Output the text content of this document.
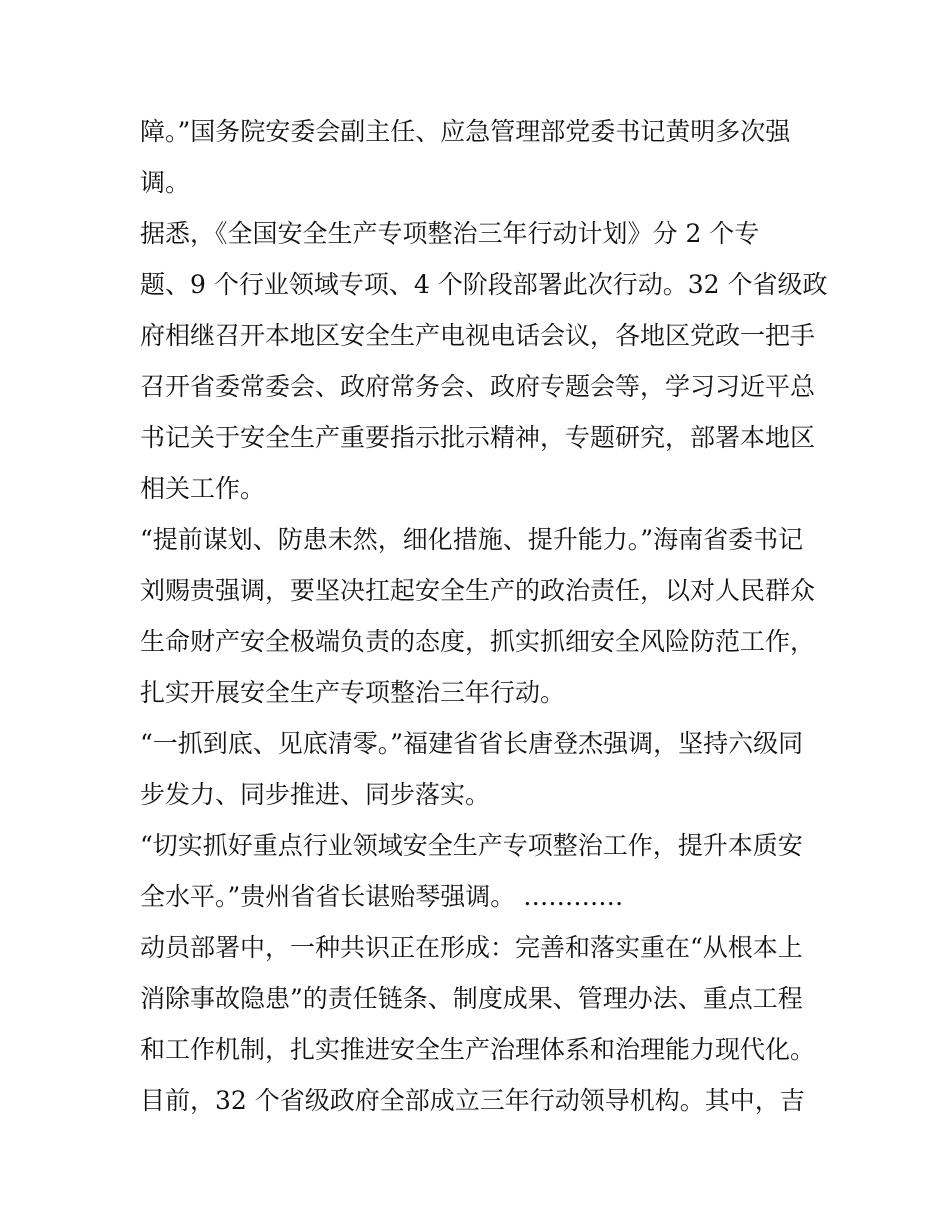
障。”国务院安委会副主任、应急管理部党委书记黄明多次强
调。
据悉，《全国安全生产专项整治三年行动计划》分 2 个专
题、9 个行业领域专项、4 个阶段部署此次行动。32 个省级政
府相继召开本地区安全生产电视电话会议，各地区党政一把手
召开省委常委会、政府常务会、政府专题会等，学习习近平总
书记关于安全生产重要指示批示精神，专题研究，部署本地区
相关工作。
“提前谋划、防患未然，细化措施、提升能力。”海南省委书记
刘赐贵强调，要坚决扛起安全生产的政治责任，以对人民群众
生命财产安全极端负责的态度，抓实抓细安全风险防范工作，
扎实开展安全生产专项整治三年行动。
“一抓到底、见底清零。”福建省省长唐登杰强调，坚持六级同
步发力、同步推进、同步落实。
“切实抓好重点行业领域安全生产专项整治工作，提升本质安
全水平。”贵州省省长谌贻琴强调。 …………
动员部署中，一种共识正在形成：完善和落实重在“从根本上
消除事故隐患”的责任链条、制度成果、管理办法、重点工程
和工作机制，扎实推进安全生产治理体系和治理能力现代化。
目前，32 个省级政府全部成立三年行动领导机构。其中，吉
